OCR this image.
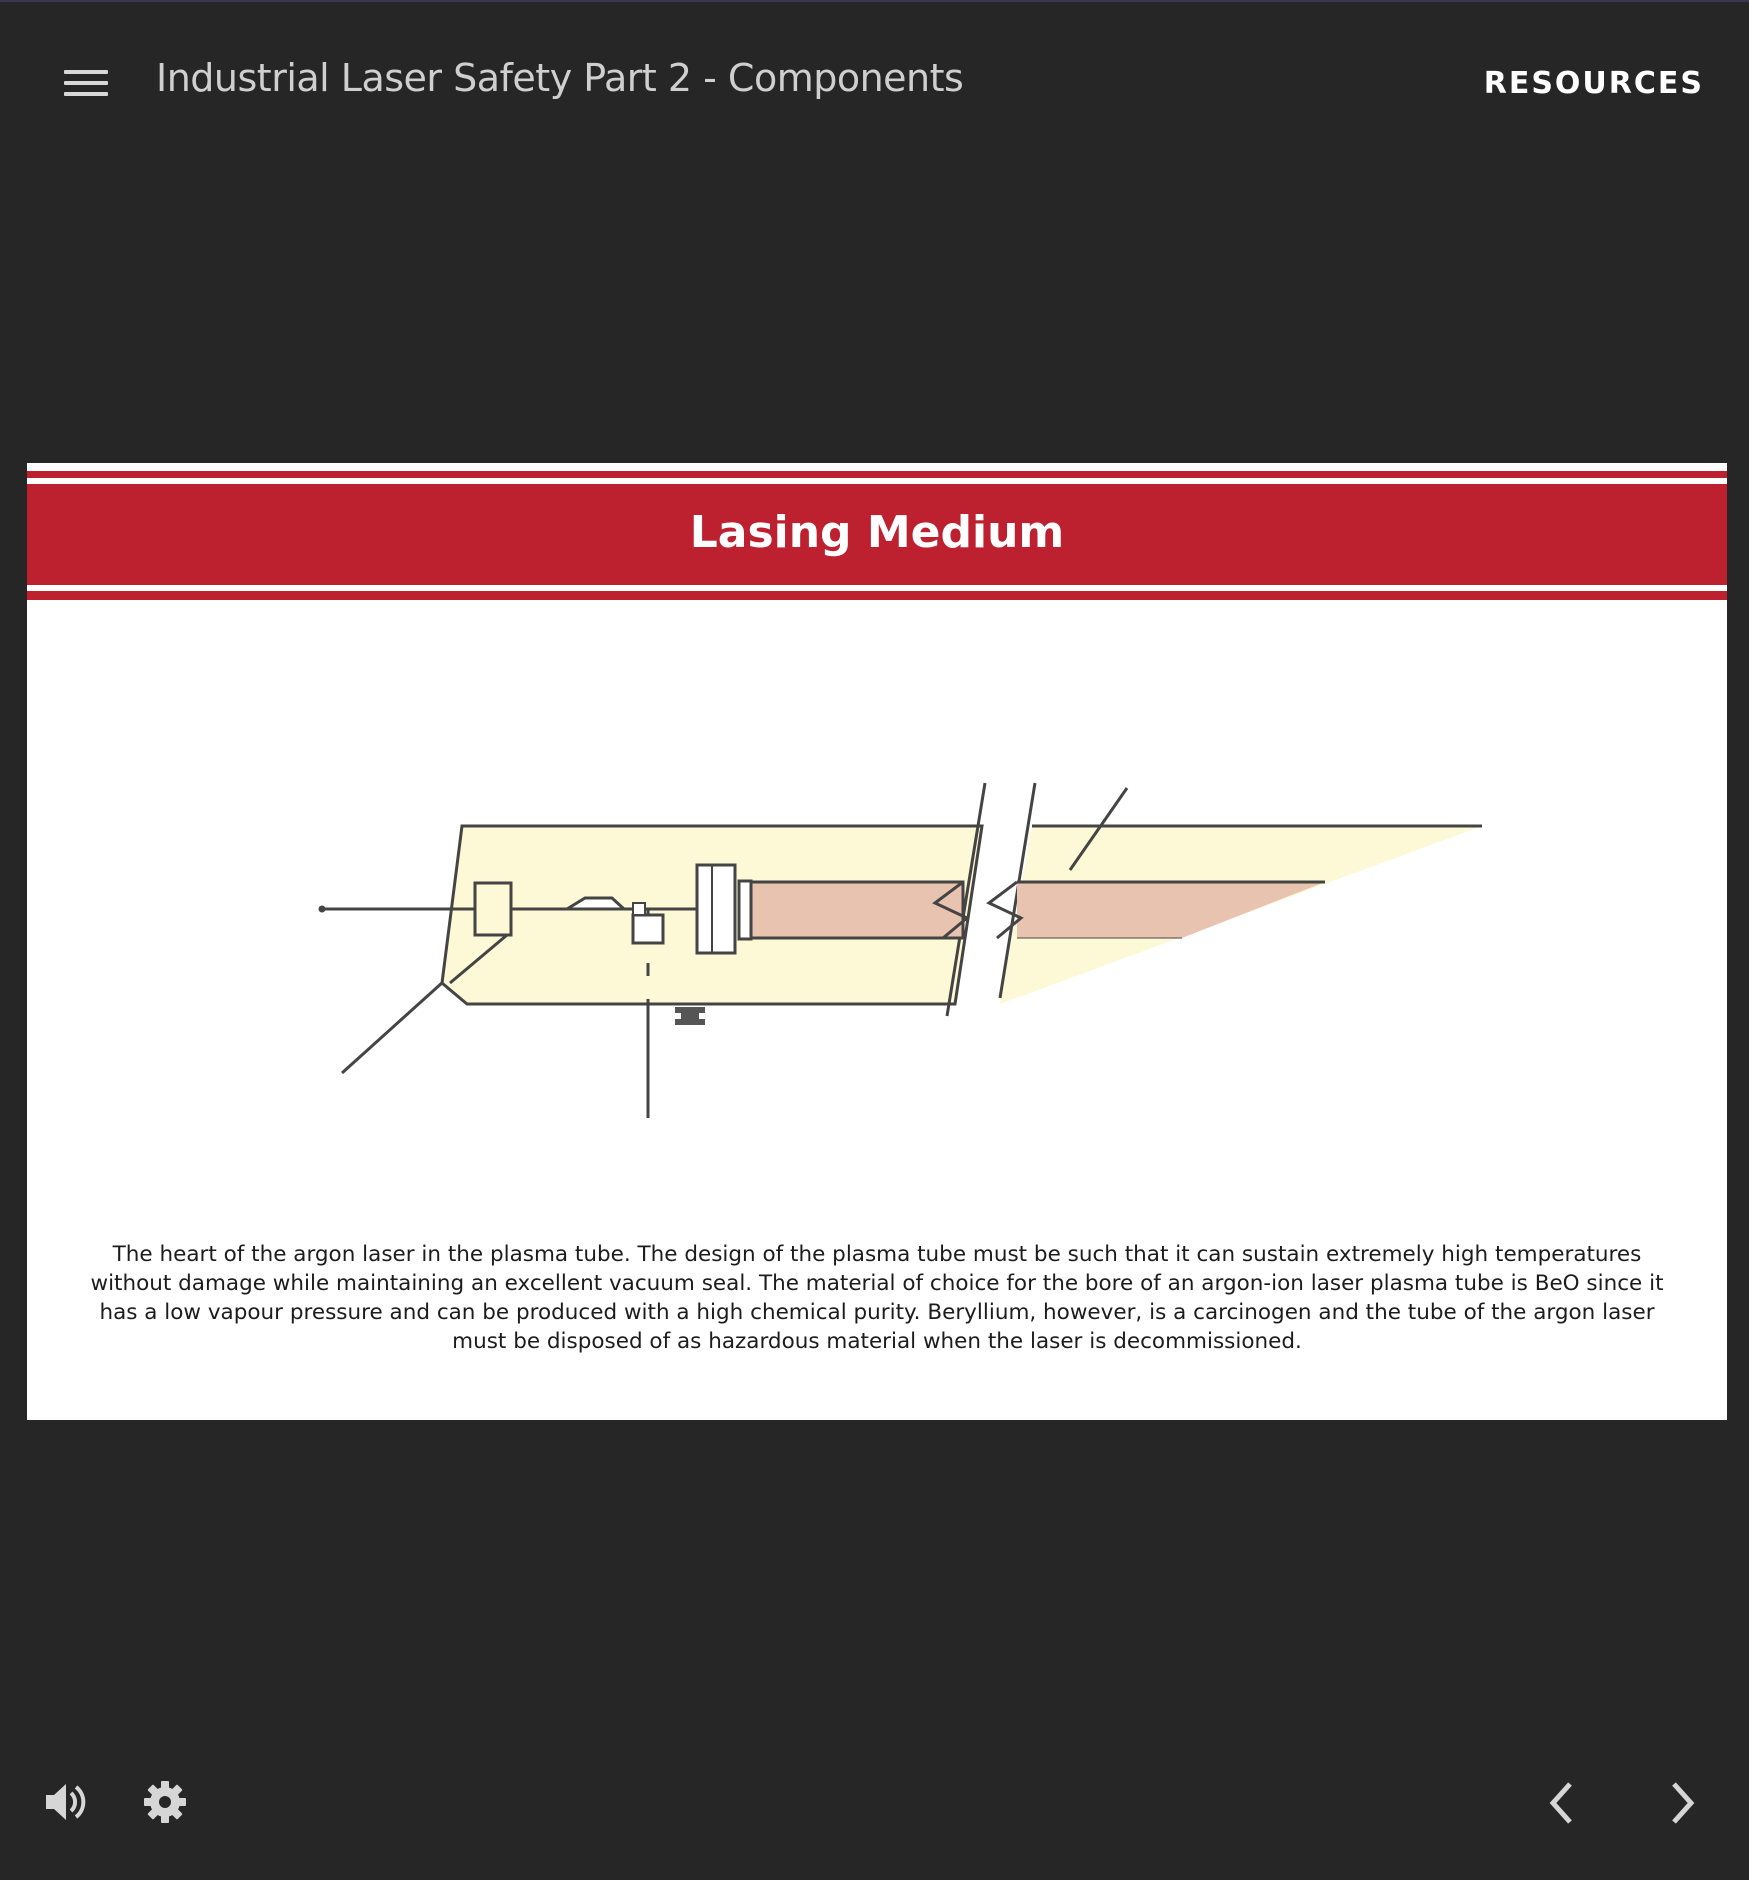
Industrial Laser Safety Part 2 - Components	RESOURCES
Lasing Medium
The heart of the argon laser in the plasma tube. The design of the plasma tube must be such that it can sustain extremely high temperatures without damage while maintaining an excellent vacuum seal. The material of choice for the bore of an argon-ion laser plasma tube is BeO since it has a low vapour pressure and can be produced with a high chemical purity. Beryllium, however, is a carcinogen and the tube of the argon laser must be disposed of as hazardous material when the laser is decommissioned.
